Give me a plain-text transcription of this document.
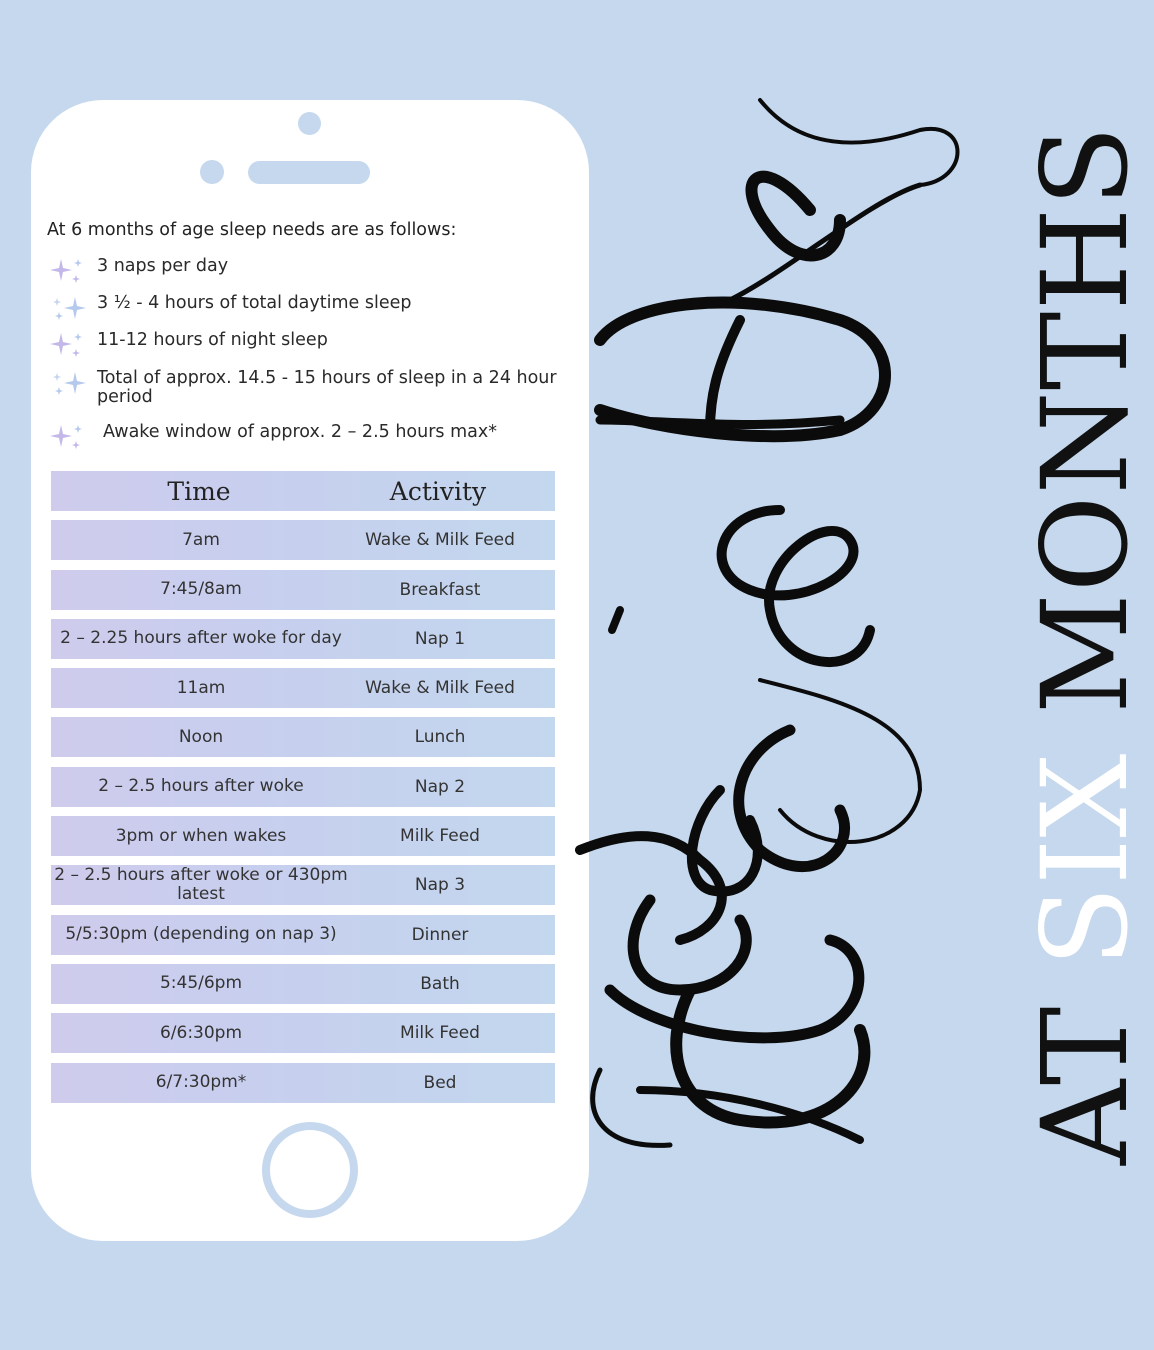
At 6 months of age sleep needs are as follows:
3 naps per day
3 ½ - 4 hours of total daytime sleep
11-12 hours of night sleep
Total of approx. 14.5 - 15 hours of sleep in a 24 hour period
Awake window of approx. 2 – 2.5 hours max*
Time	Activity
7am	Wake & Milk Feed
7:45/8am	Breakfast
2 – 2.25 hours after woke for day	Nap 1
11am	Wake & Milk Feed
Noon	Lunch
2 – 2.5 hours after woke	Nap 2
3pm or when wakes	Milk Feed
2 – 2.5 hours after woke or 430pm latest	Nap 3
5/5:30pm (depending on nap 3)	Dinner
5:45/6pm	Bath
6/6:30pm	Milk Feed
6/7:30pm*	Bed	AT SIX MONTHS
